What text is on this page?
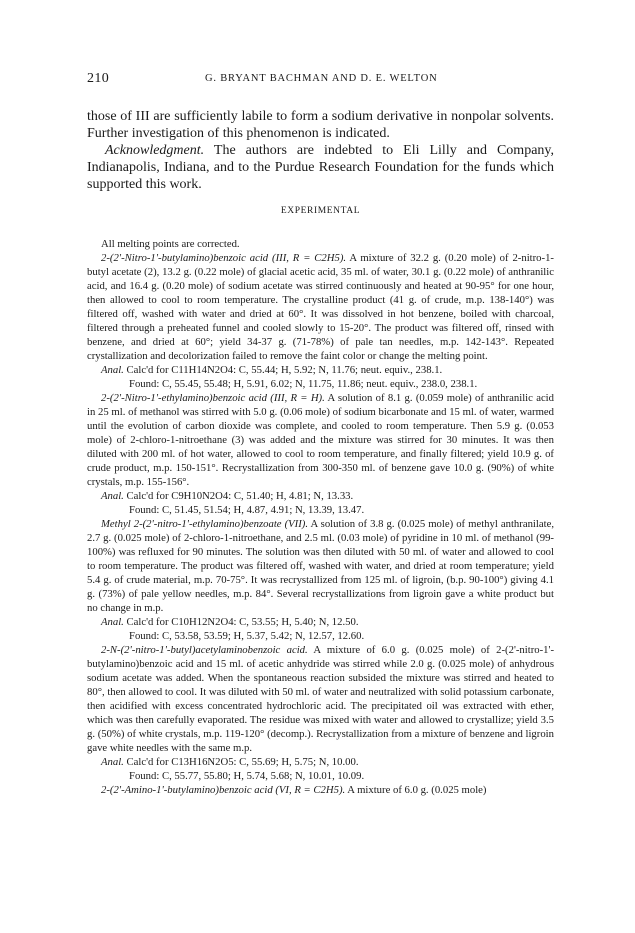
210	G. BRYANT BACHMAN AND D. E. WELTON

those of III are sufficiently labile to form a sodium derivative in nonpolar solvents. Further investigation of this phenomenon is indicated.

Acknowledgment. The authors are indebted to Eli Lilly and Company, Indianapolis, Indiana, and to the Purdue Research Foundation for the funds which supported this work.

EXPERIMENTAL

All melting points are corrected.

2-(2'-Nitro-1'-butylamino)benzoic acid (III, R = C2H5). A mixture of 32.2 g. (0.20 mole) of 2-nitro-1-butyl acetate (2), 13.2 g. (0.22 mole) of glacial acetic acid, 35 ml. of water, 30.1 g. (0.22 mole) of anthranilic acid, and 16.4 g. (0.20 mole) of sodium acetate was stirred continuously and heated at 90-95° for one hour, then allowed to cool to room temperature. The crystalline product (41 g. of crude, m.p. 138-140°) was filtered off, washed with water and dried at 60°. It was dissolved in hot benzene, boiled with charcoal, filtered through a preheated funnel and cooled slowly to 15-20°. The product was filtered off, rinsed with benzene, and dried at 60°; yield 34-37 g. (71-78%) of pale tan needles, m.p. 142-143°. Repeated crystallization and decolorization failed to remove the faint color or change the melting point.

Anal. Calc'd for C11H14N2O4: C, 55.44; H, 5.92; N, 11.76; neut. equiv., 238.1.

Found: C, 55.45, 55.48; H, 5.91, 6.02; N, 11.75, 11.86; neut. equiv., 238.0, 238.1.

2-(2'-Nitro-1'-ethylamino)benzoic acid (III, R = H). A solution of 8.1 g. (0.059 mole) of anthranilic acid in 25 ml. of methanol was stirred with 5.0 g. (0.06 mole) of sodium bicarbonate and 15 ml. of water, warmed until the evolution of carbon dioxide was complete, and cooled to room temperature. Then 5.9 g. (0.053 mole) of 2-chloro-1-nitroethane (3) was added and the mixture was stirred for 30 minutes. It was then diluted with 200 ml. of hot water, allowed to cool to room temperature, and finally filtered; yield 10.9 g. of crude product, m.p. 150-151°. Recrystallization from 300-350 ml. of benzene gave 10.0 g. (90%) of white crystals, m.p. 155-156°.

Anal. Calc'd for C9H10N2O4: C, 51.40; H, 4.81; N, 13.33.

Found: C, 51.45, 51.54; H, 4.87, 4.91; N, 13.39, 13.47.

Methyl 2-(2'-nitro-1'-ethylamino)benzoate (VII). A solution of 3.8 g. (0.025 mole) of methyl anthranilate, 2.7 g. (0.025 mole) of 2-chloro-1-nitroethane, and 2.5 ml. (0.03 mole) of pyridine in 10 ml. of methanol (99-100%) was refluxed for 90 minutes. The solution was then diluted with 50 ml. of water and allowed to cool to room temperature. The product was filtered off, washed with water, and dried at room temperature; yield 5.4 g. of crude material, m.p. 70-75°. It was recrystallized from 125 ml. of ligroin, (b.p. 90-100°) giving 4.1 g. (73%) of pale yellow needles, m.p. 84°. Several recrystallizations from ligroin gave a white product but no change in m.p.

Anal. Calc'd for C10H12N2O4: C, 53.55; H, 5.40; N, 12.50.

Found: C, 53.58, 53.59; H, 5.37, 5.42; N, 12.57, 12.60.

2-N-(2'-nitro-1'-butyl)acetylaminobenzoic acid. A mixture of 6.0 g. (0.025 mole) of 2-(2'-nitro-1'-butylamino)benzoic acid and 15 ml. of acetic anhydride was stirred while 2.0 g. (0.025 mole) of anhydrous sodium acetate was added. When the spontaneous reaction subsided the mixture was stirred and heated to 80°, then allowed to cool. It was diluted with 50 ml. of water and neutralized with solid potassium carbonate, then acidified with excess concentrated hydrochloric acid. The precipitated oil was extracted with ether, which was then carefully evaporated. The residue was mixed with water and allowed to crystallize; yield 3.5 g. (50%) of white crystals, m.p. 119-120° (decomp.). Recrystallization from a mixture of benzene and ligroin gave white needles with the same m.p.

Anal. Calc'd for C13H16N2O5: C, 55.69; H, 5.75; N, 10.00.

Found: C, 55.77, 55.80; H, 5.74, 5.68; N, 10.01, 10.09.

2-(2'-Amino-1'-butylamino)benzoic acid (VI, R = C2H5). A mixture of 6.0 g. (0.025 mole)
